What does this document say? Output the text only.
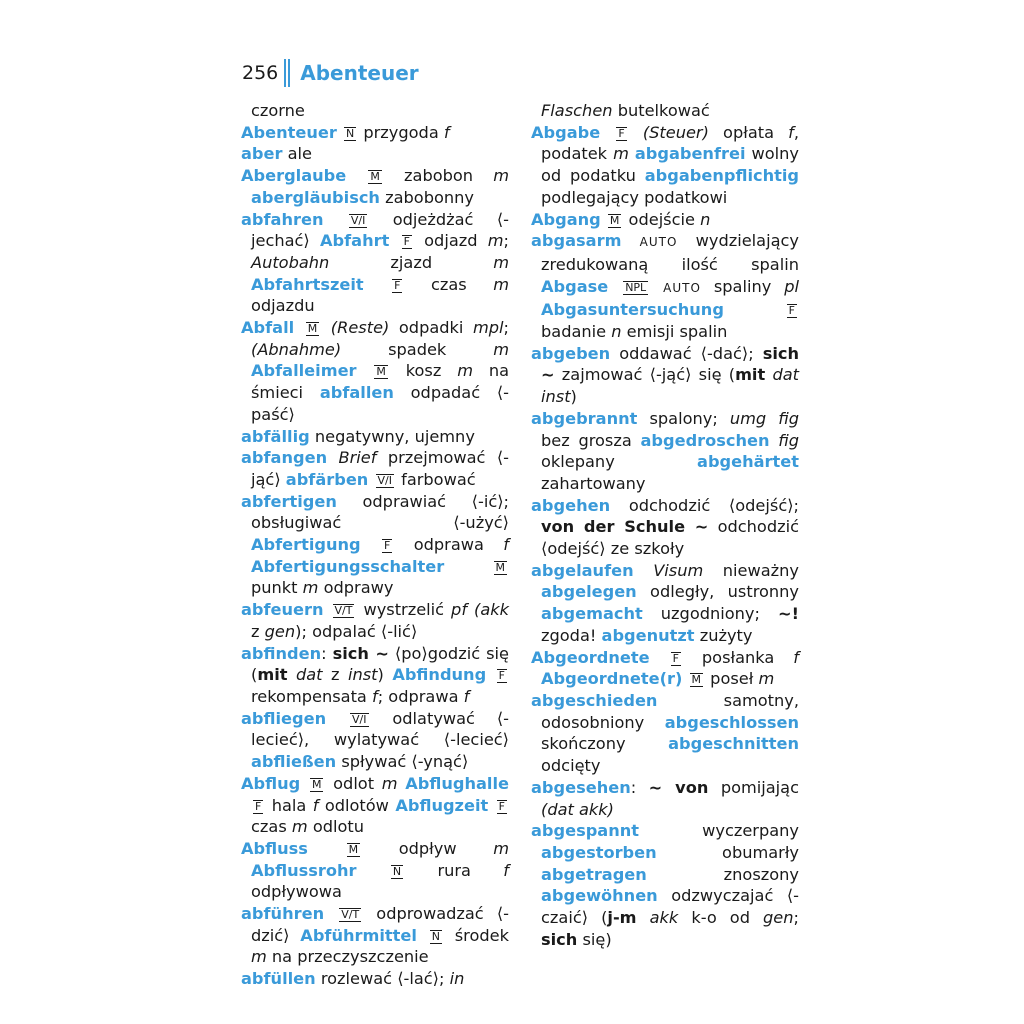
256 Abenteuer

czorne

Abenteuer N przygoda f

aber ale

Aberglaube M zabobon m abergläubisch zabobonny

abfahren V/I odjeżdżać ⟨-jechać⟩ Abfahrt F odjazd m; Autobahn zjazd m Abfahrtszeit	F czas m odjazdu

Abfall M (Reste) odpadki mpl; (Abnahme) spadek m Abfalleimer M kosz m na śmieci abfallen odpadać ⟨-paść⟩

abfällig negatywny, ujemny

abfangen Brief przejmować ⟨-jąć⟩ abfärben V/I farbować

abfertigen odprawiać ⟨-ić⟩; obsługiwać ⟨-użyć⟩ Abfertigung F odprawa f Abfertigungsschalter	M punkt m odprawy

abfeuern V/T wystrzelić pf (akk z gen); odpalać ⟨-lić⟩

abfinden: sich ~ ⟨po⟩godzić się (mit dat z inst) Abfindung F rekompensata f; odprawa f

abfliegen V/I odlatywać ⟨-lecieć⟩, wylatywać ⟨-lecieć⟩ abfließen spływać ⟨-ynąć⟩

Abflug M odlot m Abflughalle F hala f odlotów Abflugzeit F czas m odlotu

Abfluss	M odpływ m Abflussrohr	N rura f odpływowa

abführen V/T odprowadzać ⟨-dzić⟩ Abführmittel N środek m na przeczyszczenie

abfüllen rozlewać ⟨-lać⟩; in

Flaschen butelkować

Abgabe F (Steuer) opłata f, podatek m abgabenfrei wolny od podatku abgabenpflichtig podlegający podatkowi

Abgang M odejście n

abgasarm AUTO wydzielający zredukowaną ilość spalin Abgase NPL AUTO spaliny pl Abgasuntersuchung	F badanie n emisji spalin

abgeben oddawać ⟨-dać⟩; sich ~ zajmować ⟨-jąć⟩ się (mit dat inst)

abgebrannt spalony; umg fig bez grosza abgedroschen fig oklepany abgehärtet zahartowany

abgehen odchodzić ⟨odejść⟩; von der Schule ~ odchodzić ⟨odejść⟩ ze szkoły

abgelaufen Visum nieważny abgelegen odległy, ustronny abgemacht uzgodniony; ~! zgoda! abgenutzt zużyty

Abgeordnete F posłanka f Abgeordnete(r) M poseł m

abgeschieden samotny, odosobniony abgeschlossen skończony abgeschnitten odcięty

abgesehen: ~ von pomijając (dat akk)

abgespannt wyczerpany abgestorben obumarły abgetragen znoszony abgewöhnen odzwyczajać ⟨-czaić⟩ (j-m akk k-o od gen; sich się)
